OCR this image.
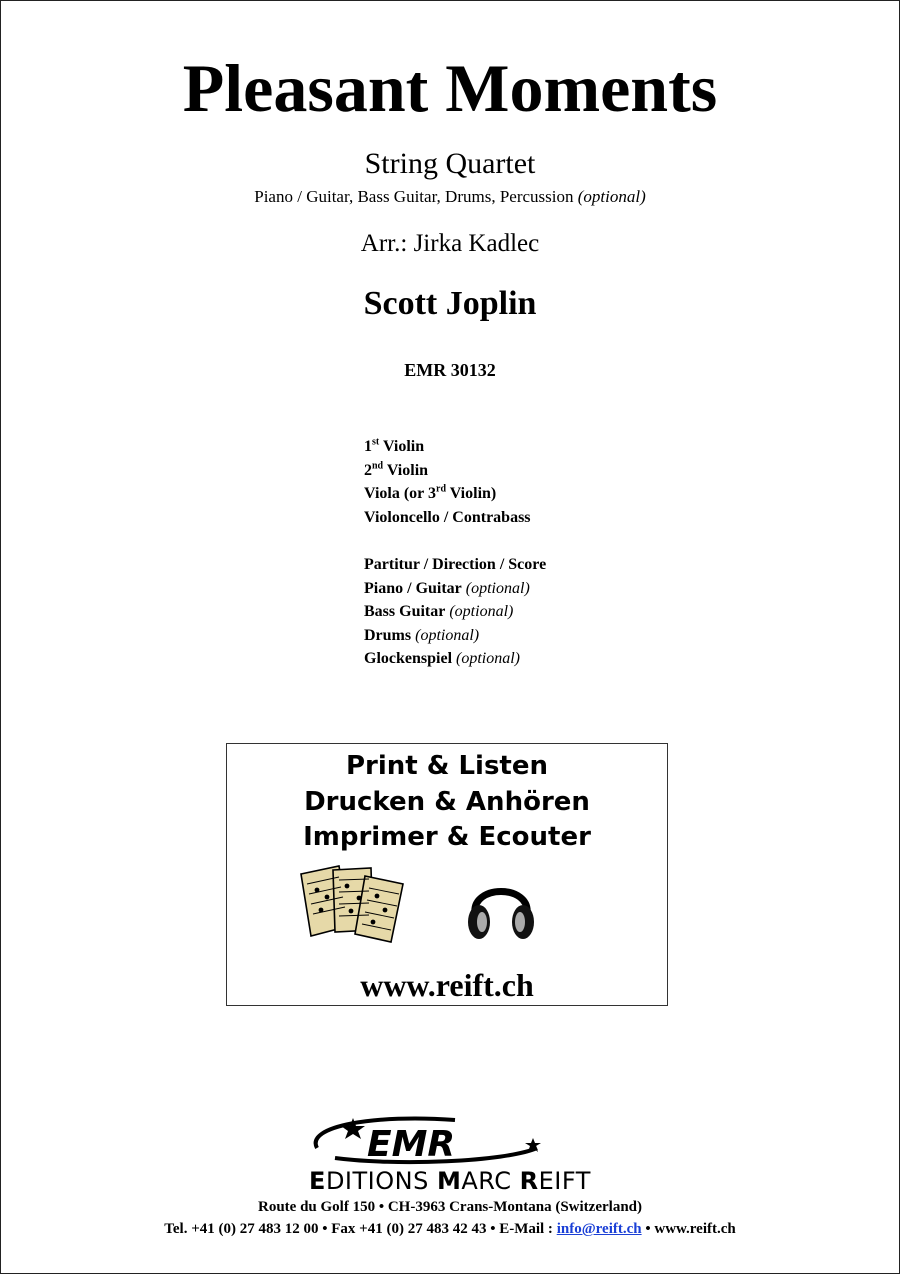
Pleasant Moments
String Quartet
Piano / Guitar, Bass Guitar, Drums, Percussion (optional)
Arr.: Jirka Kadlec
Scott Joplin
EMR 30132
1st Violin
2nd Violin
Viola (or 3rd Violin)
Violoncello / Contrabass
Partitur / Direction / Score
Piano / Guitar (optional)
Bass Guitar (optional)
Drums (optional)
Glockenspiel (optional)
Print & Listen
Drucken & Anhören
Imprimer & Ecouter
www.reift.ch
EMR
EDITIONS MARC REIFT
Route du Golf 150 • CH-3963 Crans-Montana (Switzerland)
Tel. +41 (0) 27 483 12 00 • Fax +41 (0) 27 483 42 43 • E-Mail : info@reift.ch • www.reift.ch
